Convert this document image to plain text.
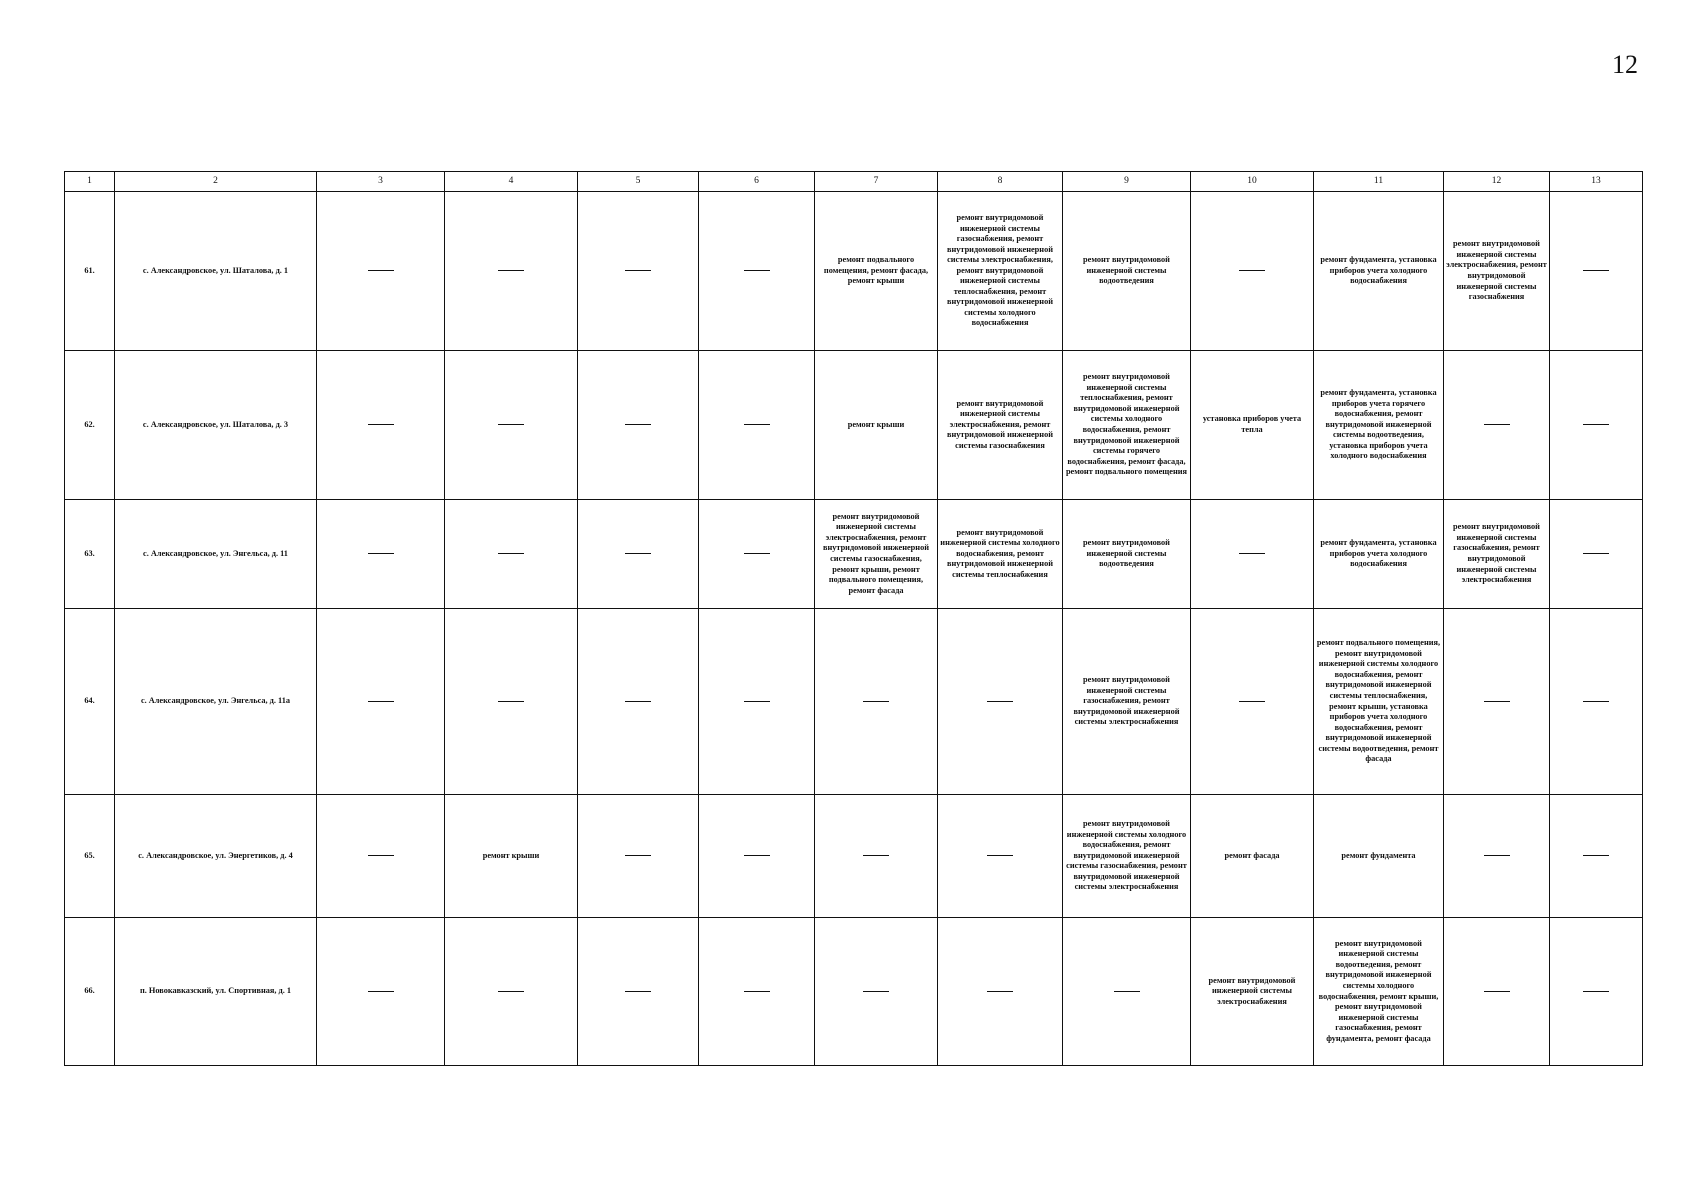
12
1	2	3	4	5	6	7	8	9	10	11	12	13
61.	с. Александровское, ул. Шаталова, д. 1					ремонт подвального помещения, ремонт фасада, ремонт крыши	ремонт внутридомовой инженерной системы газоснабжения, ремонт внутридомовой инженерной системы электроснабжения, ремонт внутридомовой инженерной системы теплоснабжения, ремонт внутридомовой инженерной системы холодного водоснабжения	ремонт внутридомовой инженерной системы водоотведения		ремонт фундамента, установка приборов учета холодного водоснабжения	ремонт внутридомовой инженерной системы электроснабжения, ремонт внутридомовой инженерной системы газоснабжения	
62.	с. Александровское, ул. Шаталова, д. 3					ремонт крыши	ремонт внутридомовой инженерной системы электроснабжения, ремонт внутридомовой инженерной системы газоснабжения	ремонт внутридомовой инженерной системы теплоснабжения, ремонт внутридомовой инженерной системы холодного водоснабжения, ремонт внутридомовой инженерной системы горячего водоснабжения, ремонт фасада, ремонт подвального помещения	установка приборов учета тепла	ремонт фундамента, установка приборов учета горячего водоснабжения, ремонт внутридомовой инженерной системы водоотведения, установка приборов учета холодного водоснабжения		
63.	с. Александровское, ул. Энгельса, д. 11					ремонт внутридомовой инженерной системы электроснабжения, ремонт внутридомовой инженерной системы газоснабжения, ремонт крыши, ремонт подвального помещения, ремонт фасада	ремонт внутридомовой инженерной системы холодного водоснабжения, ремонт внутридомовой инженерной системы теплоснабжения	ремонт внутридомовой инженерной системы водоотведения		ремонт фундамента, установка приборов учета холодного водоснабжения	ремонт внутридомовой инженерной системы газоснабжения, ремонт внутридомовой инженерной системы электроснабжения	
64.	с. Александровское, ул. Энгельса, д. 11а							ремонт внутридомовой инженерной системы газоснабжения, ремонт внутридомовой инженерной системы электроснабжения		ремонт подвального помещения, ремонт внутридомовой инженерной системы холодного водоснабжения, ремонт внутридомовой инженерной системы теплоснабжения, ремонт крыши, установка приборов учета холодного водоснабжения, ремонт внутридомовой инженерной системы водоотведения, ремонт фасада		
65.	с. Александровское, ул. Энергетиков, д. 4		ремонт крыши					ремонт внутридомовой инженерной системы холодного водоснабжения, ремонт внутридомовой инженерной системы газоснабжения, ремонт внутридомовой инженерной системы электроснабжения	ремонт фасада	ремонт фундамента		
66.	п. Новокавказский, ул. Спортивная, д. 1								ремонт внутридомовой инженерной системы электроснабжения	ремонт внутридомовой инженерной системы водоотведения, ремонт внутридомовой инженерной системы холодного водоснабжения, ремонт крыши, ремонт внутридомовой инженерной системы газоснабжения, ремонт фундамента, ремонт фасада		
